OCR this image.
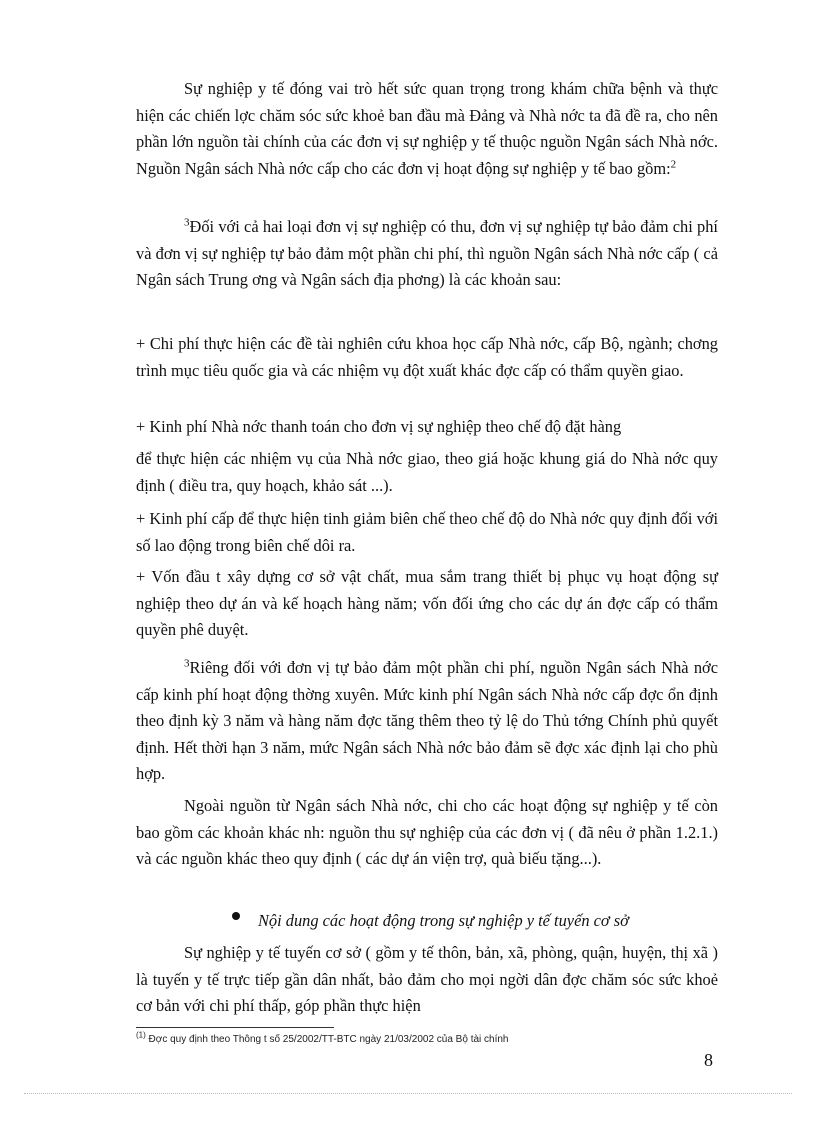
Sự nghiệp y tế đóng vai trò hết sức quan trọng trong khám chữa bệnh và thực hiện các chiến lợc chăm sóc sức khoẻ ban đầu mà Đảng và Nhà nớc ta đã đề ra, cho nên phần lớn nguồn tài chính của các đơn vị sự nghiệp y tế thuộc nguồn Ngân sách Nhà nớc. Nguồn Ngân sách Nhà nớc cấp cho các đơn vị hoạt động sự nghiệp y tế bao gồm:$^2$

$^3$Đối với cả hai loại đơn vị sự nghiệp có thu, đơn vị sự nghiệp tự bảo đảm chi phí và đơn vị sự nghiệp tự bảo đảm một phần chi phí, thì nguồn Ngân sách Nhà nớc cấp ( cả Ngân sách Trung ơng và Ngân sách địa phơng) là các khoản sau:

+ Chi phí thực hiện các đề tài nghiên cứu khoa học cấp Nhà nớc, cấp Bộ, ngành; chơng trình mục tiêu quốc gia và các nhiệm vụ đột xuất khác đợc cấp có thẩm quyền giao.

+ Kinh phí Nhà nớc thanh toán cho đơn vị sự nghiệp theo chế độ đặt hàng

để thực hiện các nhiệm vụ của Nhà nớc giao, theo giá hoặc khung giá do Nhà nớc quy định ( điều tra, quy hoạch, khảo sát ...).

+ Kinh phí cấp để thực hiện tinh giảm biên chế theo chế độ do Nhà nớc quy định đối với số lao động trong biên chế dôi ra.

+ Vốn đầu t xây dựng cơ sở vật chất, mua sắm trang thiết bị phục vụ hoạt động sự nghiệp theo dự án và kế hoạch hàng năm; vốn đối ứng cho các dự án đợc cấp có thẩm quyền phê duyệt.

$^3$Riêng đối với đơn vị tự bảo đảm một phần chi phí, nguồn Ngân sách Nhà nớc cấp kinh phí hoạt động thờng xuyên. Mức kinh phí Ngân sách Nhà nớc cấp đợc ổn định theo định kỳ 3 năm và hàng năm đợc tăng thêm theo tỷ lệ do Thủ tớng Chính phủ quyết định. Hết thời hạn 3 năm, mức Ngân sách Nhà nớc bảo đảm sẽ đợc xác định lại cho phù hợp.

Ngoài nguồn từ Ngân sách Nhà nớc, chi cho các hoạt động sự nghiệp y tế còn bao gồm các khoản khác nh: nguồn thu sự nghiệp của các đơn vị ( đã nêu ở phần 1.2.1.) và các nguồn khác theo quy định ( các dự án viện trợ, quà biếu tặng...).

Nội dung các hoạt động trong sự nghiệp y tế tuyến cơ sở

Sự nghiệp y tế tuyến cơ sở ( gồm y tế thôn, bản, xã, phòng, quận, huyện, thị xã ) là tuyến y tế trực tiếp gần dân nhất, bảo đảm cho mọi ngời dân đợc chăm sóc sức khoẻ cơ bản với chi phí thấp, góp phần thực hiện

$^{(1)}$ Đợc quy định theo Thông t số 25/2002/TT-BTC ngày 21/03/2002 của Bộ tài chính
8
